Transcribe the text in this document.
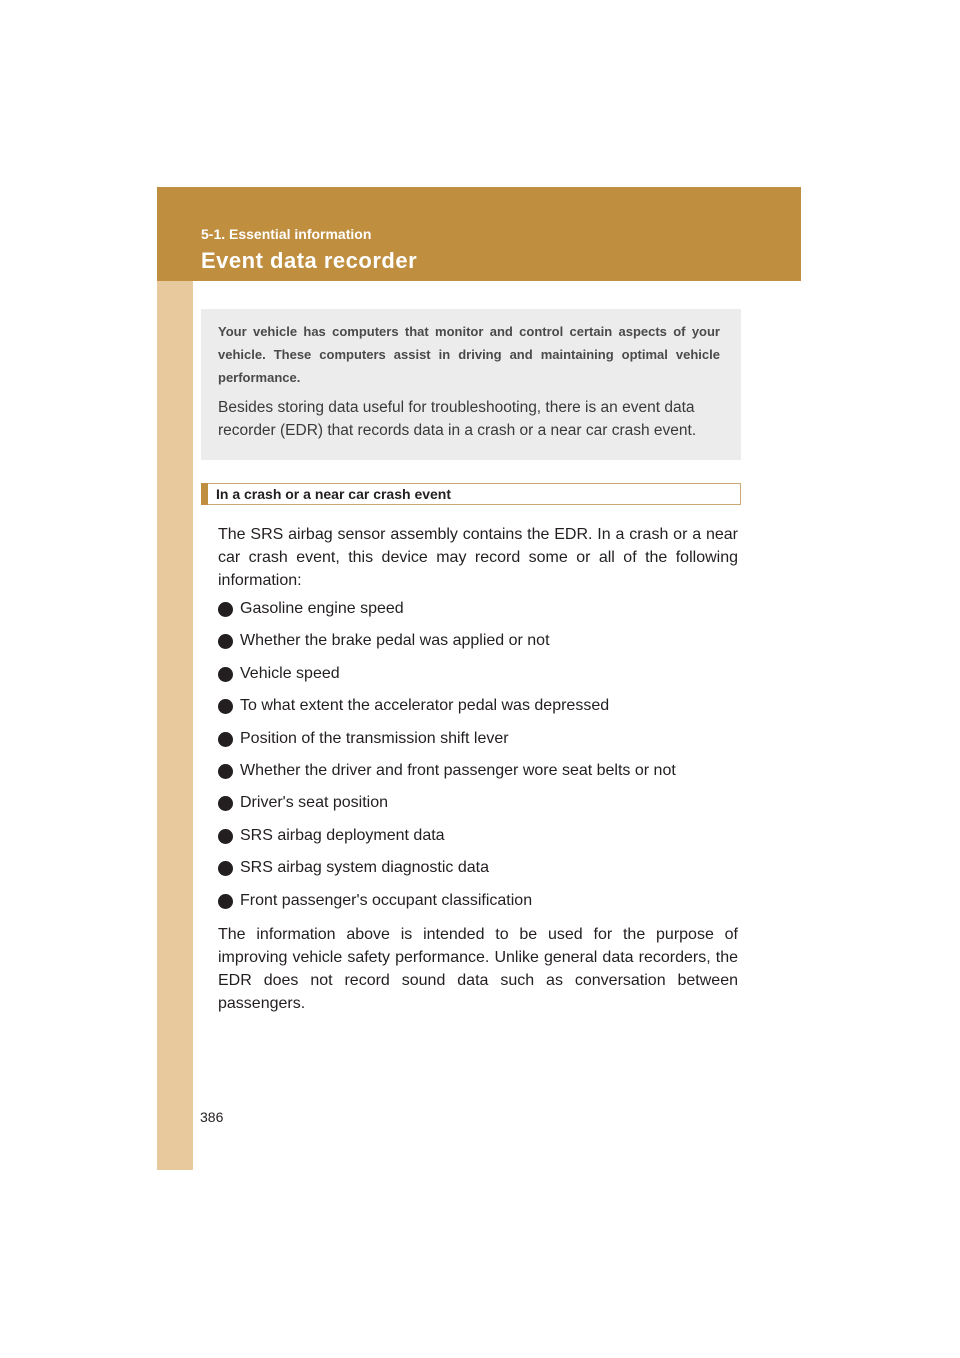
5-1. Essential information
Event data recorder

Your vehicle has computers that monitor and control certain aspects of your vehicle. These computers assist in driving and maintaining optimal vehicle performance.

Besides storing data useful for troubleshooting, there is an event data recorder (EDR) that records data in a crash or a near car crash event.

In a crash or a near car crash event

The SRS airbag sensor assembly contains the EDR. In a crash or a near car crash event, this device may record some or all of the following information:

Gasoline engine speed
Whether the brake pedal was applied or not
Vehicle speed
To what extent the accelerator pedal was depressed
Position of the transmission shift lever
Whether the driver and front passenger wore seat belts or not
Driver's seat position
SRS airbag deployment data
SRS airbag system diagnostic data
Front passenger's occupant classification

The information above is intended to be used for the purpose of improving vehicle safety performance. Unlike general data recorders, the EDR does not record sound data such as conversation between passengers.

386
